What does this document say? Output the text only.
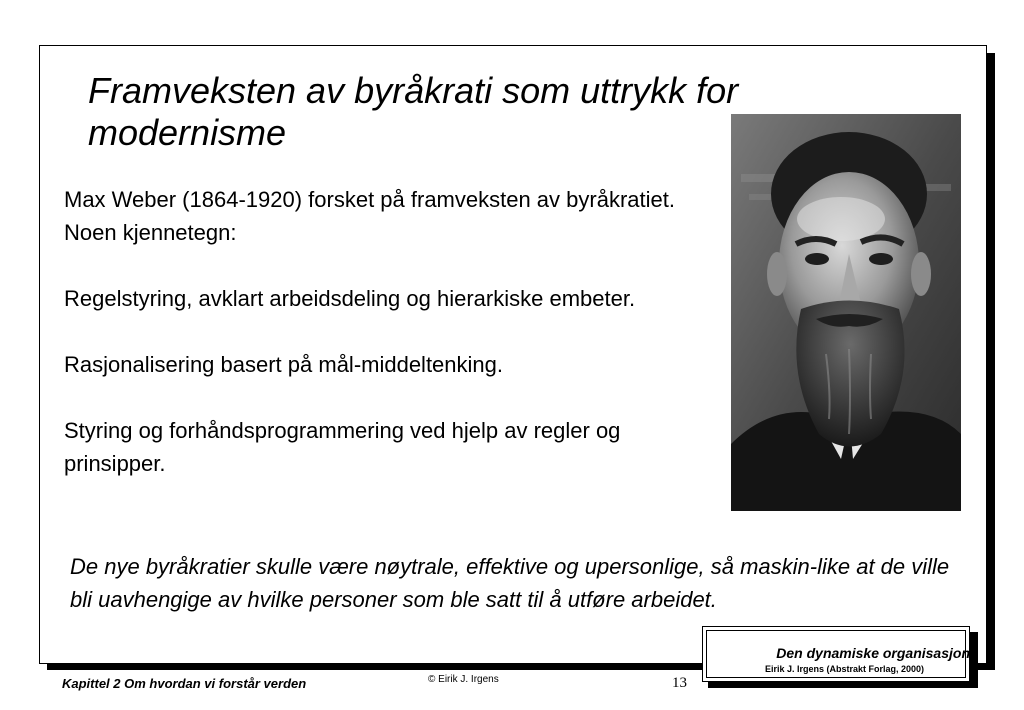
Framveksten av byråkrati som uttrykk for modernisme

Max Weber (1864-1920) forsket på framveksten av byråkratiet. Noen kjennetegn:

Regelstyring, avklart arbeidsdeling og hierarkiske embeter.

Rasjonalisering basert på mål-middeltenking.

Styring og forhåndsprogrammering ved hjelp av regler og prinsipper.

De nye byråkratier skulle være nøytrale, effektive og upersonlige, så maskin-like at de ville bli uavhengige av hvilke personer som ble satt til å utføre arbeidet.
Den dynamiske organisasjon
Eirik J. Irgens (Abstrakt Forlag, 2000)
Kapittel 2 Om hvordan vi forstår verden	© Eirik J. Irgens	13
